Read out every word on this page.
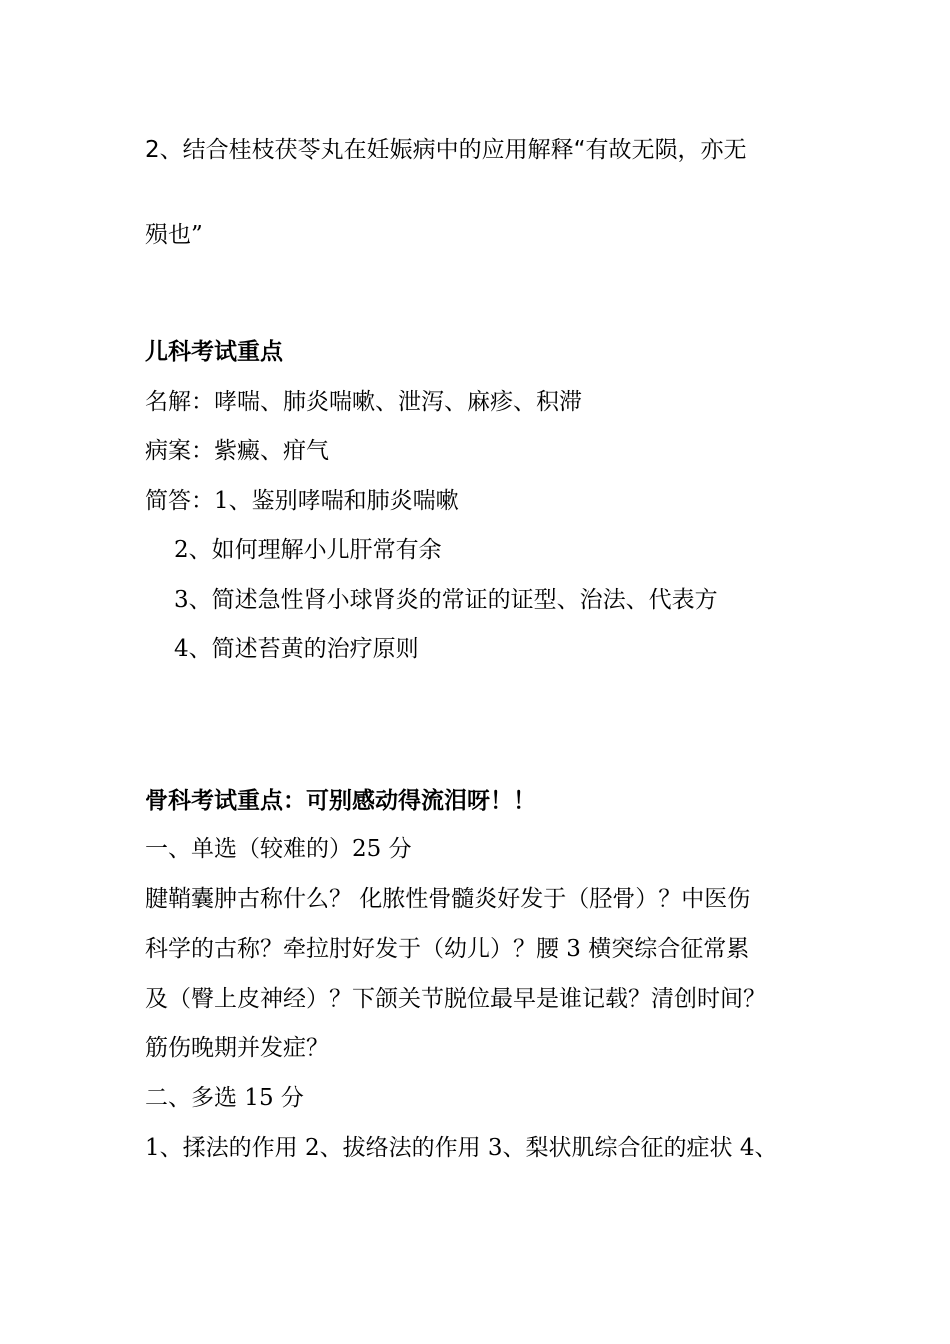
2、结合桂枝茯苓丸在妊娠病中的应用解释“有故无陨，亦无
殒也”
儿科考试重点
名解：哮喘、肺炎喘嗽、泄泻、麻疹、积滞
病案：紫癜、疳气
简答：1、鉴别哮喘和肺炎喘嗽
2、如何理解小儿肝常有余
3、简述急性肾小球肾炎的常证的证型、治法、代表方
4、简述苔黄的治疗原则
骨科考试重点：可别感动得流泪呀！！
一、单选（较难的）25 分
腱鞘囊肿古称什么？ 化脓性骨髓炎好发于（胫骨）？中医伤
科学的古称？牵拉肘好发于（幼儿）？腰 3 横突综合征常累
及（臀上皮神经）？下颌关节脱位最早是谁记载？清创时间？
筋伤晚期并发症？
二、多选 15 分
1、揉法的作用 2、拔络法的作用 3、梨状肌综合征的症状 4、
